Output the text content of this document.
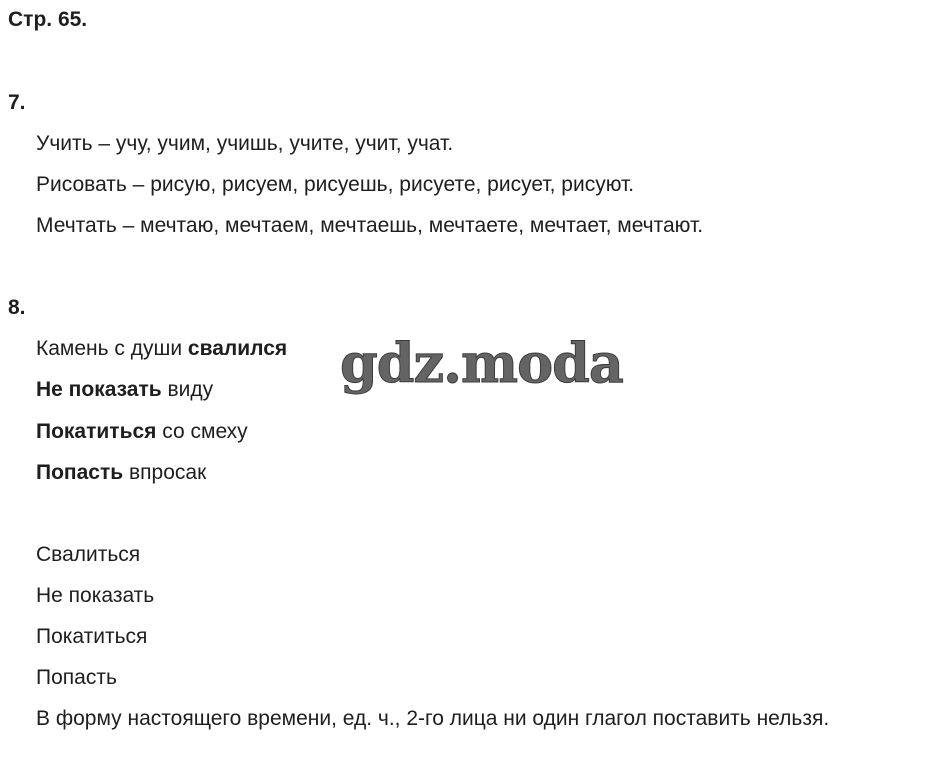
Стр. 65.
7.
Учить – учу, учим, учишь, учите, учит, учат.
Рисовать – рисую, рисуем, рисуешь, рисуете, рисует, рисуют.
Мечтать – мечтаю, мечтаем, мечтаешь, мечтаете, мечтает, мечтают.
8.
Камень с души свалился
Не показать виду
Покатиться со смеху
Попасть впросак
Свалиться
Не показать
Покатиться
Попасть
В форму настоящего времени, ед. ч., 2-го лица ни один глагол поставить нельзя.
gdz.moda
